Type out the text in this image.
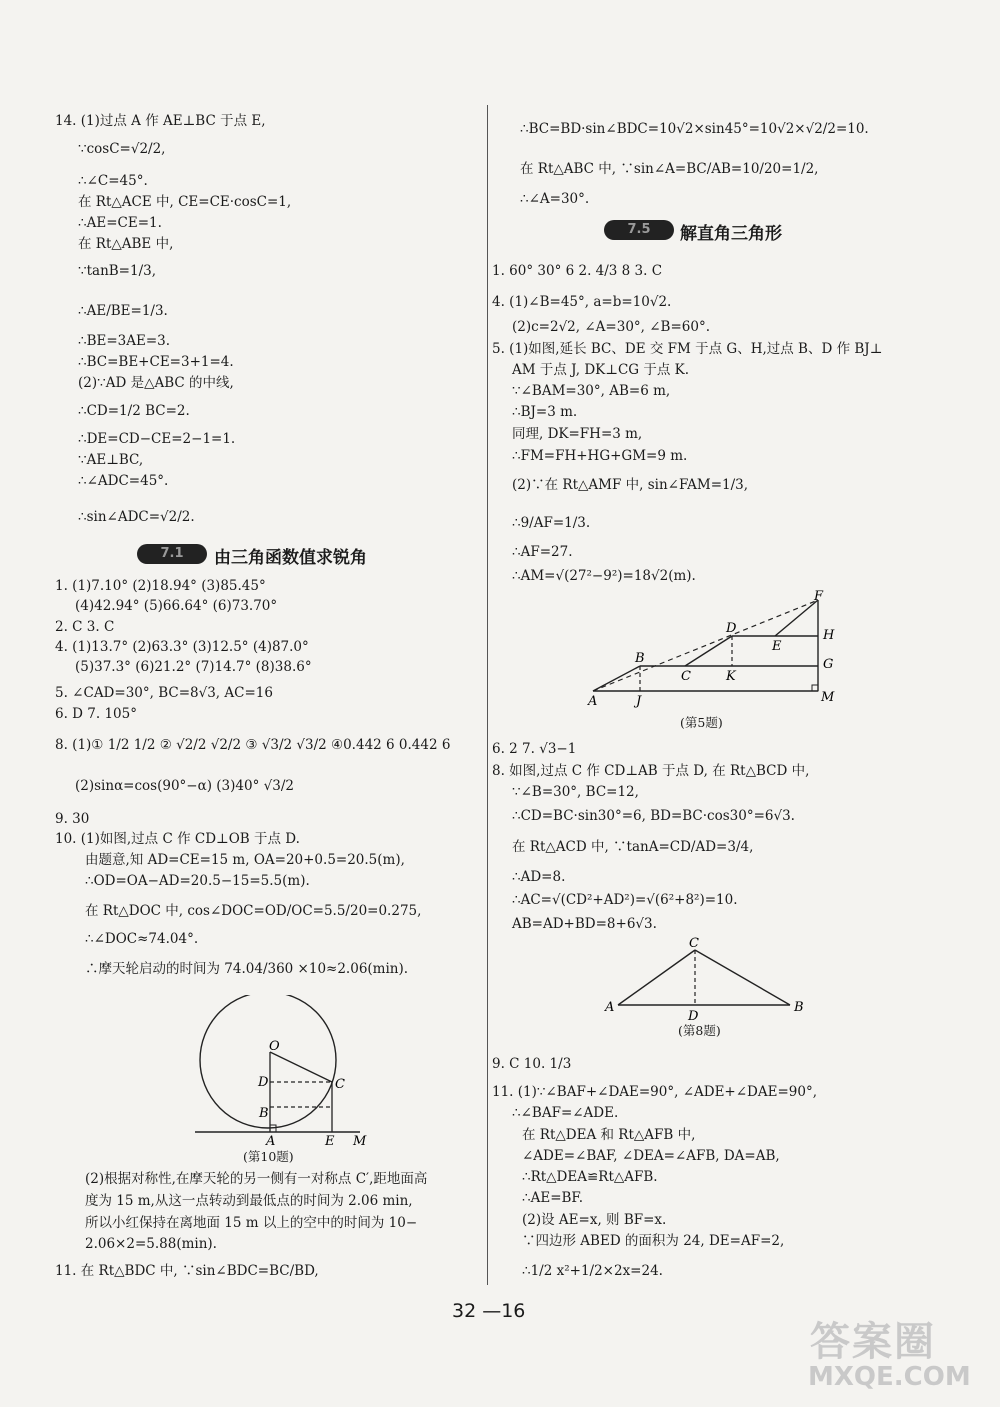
14. (1)过点 A 作 AE⊥BC 于点 E,
∵cosC=√2/2,
∴∠C=45°.
在 Rt△ACE 中, CE=CE·cosC=1,
∴AE=CE=1.
在 Rt△ABE 中,
∵tanB=1/3,
∴AE/BE=1/3.
∴BE=3AE=3.
∴BC=BE+CE=3+1=4.
(2)∵AD 是△ABC 的中线,
∴CD=1/2 BC=2.
∴DE=CD−CE=2−1=1.
∵AE⊥BC,
∴∠ADC=45°.
∴sin∠ADC=√2/2.
7.1	由三角函数值求锐角
1. (1)7.10° (2)18.94° (3)85.45°
(4)42.94° (5)66.64° (6)73.70°
2. C 3. C
4. (1)13.7° (2)63.3° (3)12.5° (4)87.0°
(5)37.3° (6)21.2° (7)14.7° (8)38.6°
5. ∠CAD=30°, BC=8√3, AC=16
6. D 7. 105°
8. (1)① 1/2 1/2 ② √2/2 √2/2 ③ √3/2 √3/2 ④0.442 6 0.442 6
(2)sinα=cos(90°−α) (3)40° √3/2
9. 30
10. (1)如图,过点 C 作 CD⊥OB 于点 D.
由题意,知 AD=CE=15 m, OA=20+0.5=20.5(m),
∴OD=OA−AD=20.5−15=5.5(m).
在 Rt△DOC 中, cos∠DOC=OD/OC=5.5/20=0.275,
∴∠DOC≈74.04°.
∴摩天轮启动的时间为 74.04/360 ×10≈2.06(min).
O
D	C
B
A	E M
(第10题)
(2)根据对称性,在摩天轮的另一侧有一对称点 C′,距地面高
度为 15 m,从这一点转动到最低点的时间为 2.06 min,
所以小红保持在离地面 15 m 以上的空中的时间为 10−
2.06×2=5.88(min).
11. 在 Rt△BDC 中, ∵sin∠BDC=BC/BD,
∴BC=BD·sin∠BDC=10√2×sin45°=10√2×√2/2=10.
在 Rt△ABC 中, ∵sin∠A=BC/AB=10/20=1/2,
∴∠A=30°.
7.5	解直角三角形
1. 60° 30° 6 2. 4/3 8 3. C
4. (1)∠B=45°, a=b=10√2.
(2)c=2√2, ∠A=30°, ∠B=60°.
5. (1)如图,延长 BC、DE 交 FM 于点 G、H,过点 B、D 作 BJ⊥
AM 于点 J, DK⊥CG 于点 K.
∵∠BAM=30°, AB=6 m,
∴BJ=3 m.
同理, DK=FH=3 m,
∴FM=FH+HG+GM=9 m.
(2)∵在 Rt△AMF 中, sin∠FAM=1/3,
∴9/AF=1/3.
∴AF=27.
∴AM=√(27²−9²)=18√2(m).
F
D	H
E
B	G
C	K
A	J	M
(第5题)
6. 2 7. √3−1
8. 如图,过点 C 作 CD⊥AB 于点 D, 在 Rt△BCD 中,
∵∠B=30°, BC=12,
∴CD=BC·sin30°=6, BD=BC·cos30°=6√3.
在 Rt△ACD 中, ∵tanA=CD/AD=3/4,
∴AD=8.
∴AC=√(CD²+AD²)=√(6²+8²)=10.
AB=AD+BD=8+6√3.
C
A
D
B
(第8题)
9. C 10. 1/3
11. (1)∵∠BAF+∠DAE=90°, ∠ADE+∠DAE=90°,
∴∠BAF=∠ADE.
在 Rt△DEA 和 Rt△AFB 中,
∠ADE=∠BAF, ∠DEA=∠AFB, DA=AB,
∴Rt△DEA≌Rt△AFB.
∴AE=BF.
(2)设 AE=x, 则 BF=x.
∵四边形 ABED 的面积为 24, DE=AF=2,
∴1/2 x²+1/2×2x=24.
32 —16
答案圈
MXQE.COM
